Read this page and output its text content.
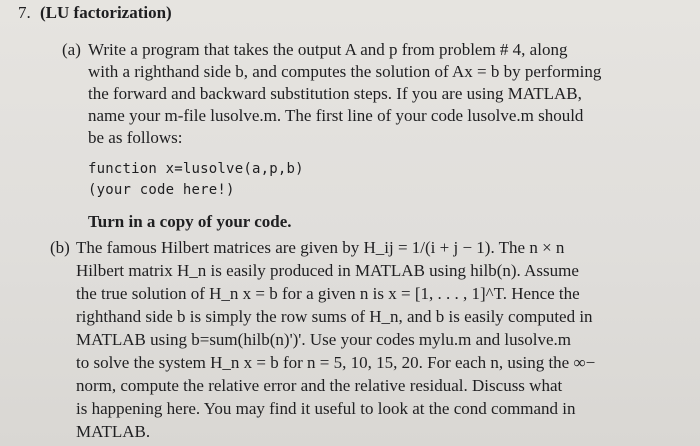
7. (LU factorization)
(a) Write a program that takes the output A and p from problem # 4, along
with a righthand side b, and computes the solution of Ax = b by performing
the forward and backward substitution steps. If you are using MATLAB,
name your m-file lusolve.m. The first line of your code lusolve.m should
be as follows:
function x=lusolve(a,p,b)
(your code here!)
Turn in a copy of your code.
(b) The famous Hilbert matrices are given by H_ij = 1/(i + j − 1). The n × n
Hilbert matrix H_n is easily produced in MATLAB using hilb(n). Assume
the true solution of H_n x = b for a given n is x = [1, . . . , 1]^T. Hence the
righthand side b is simply the row sums of H_n, and b is easily computed in
MATLAB using b=sum(hilb(n)')'. Use your codes mylu.m and lusolve.m
to solve the system H_n x = b for n = 5, 10, 15, 20. For each n, using the ∞−
norm, compute the relative error and the relative residual. Discuss what
is happening here. You may find it useful to look at the cond command in
MATLAB.
